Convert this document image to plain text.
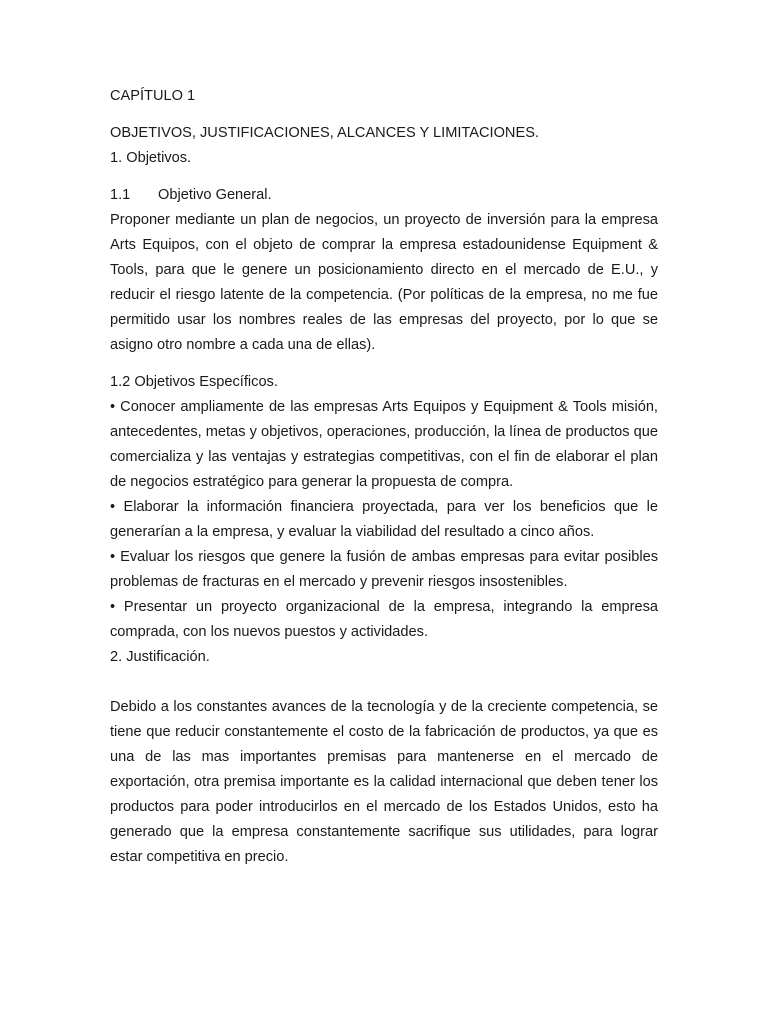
CAPÍTULO 1

OBJETIVOS, JUSTIFICACIONES, ALCANCES Y LIMITACIONES.

1. Objetivos.

1.1	Objetivo General.

Proponer mediante un plan de negocios, un proyecto de inversión para la empresa Arts Equipos, con el objeto de comprar la empresa estadounidense Equipment & Tools, para que le genere un posicionamiento directo en el mercado de E.U., y reducir el riesgo latente de la competencia. (Por políticas de la empresa, no me fue permitido usar los nombres reales de las empresas del proyecto, por lo que se asigno otro nombre a cada una de ellas).

1.2 Objetivos Específicos.

• Conocer ampliamente de las empresas Arts Equipos y Equipment & Tools misión, antecedentes, metas y objetivos, operaciones, producción, la línea de productos que comercializa y las ventajas y estrategias competitivas, con el fin de elaborar el plan de negocios estratégico para generar la propuesta de compra.

• Elaborar la información financiera proyectada, para ver los beneficios que le generarían a la empresa, y evaluar la viabilidad del resultado a cinco años.

• Evaluar los riesgos que genere la fusión de ambas empresas para evitar posibles problemas de fracturas en el mercado y prevenir riesgos insostenibles.

• Presentar un proyecto organizacional de la empresa, integrando la empresa comprada, con los nuevos puestos y actividades.

2. Justificación.

Debido a los constantes avances de la tecnología y de la creciente competencia, se tiene que reducir constantemente el costo de la fabricación de productos, ya que es una de las mas importantes premisas para mantenerse en el mercado de exportación, otra premisa importante es la calidad internacional que deben tener los productos para poder introducirlos en el mercado de los Estados Unidos, esto ha generado que la empresa constantemente sacrifique sus utilidades, para lograr estar competitiva en precio.
